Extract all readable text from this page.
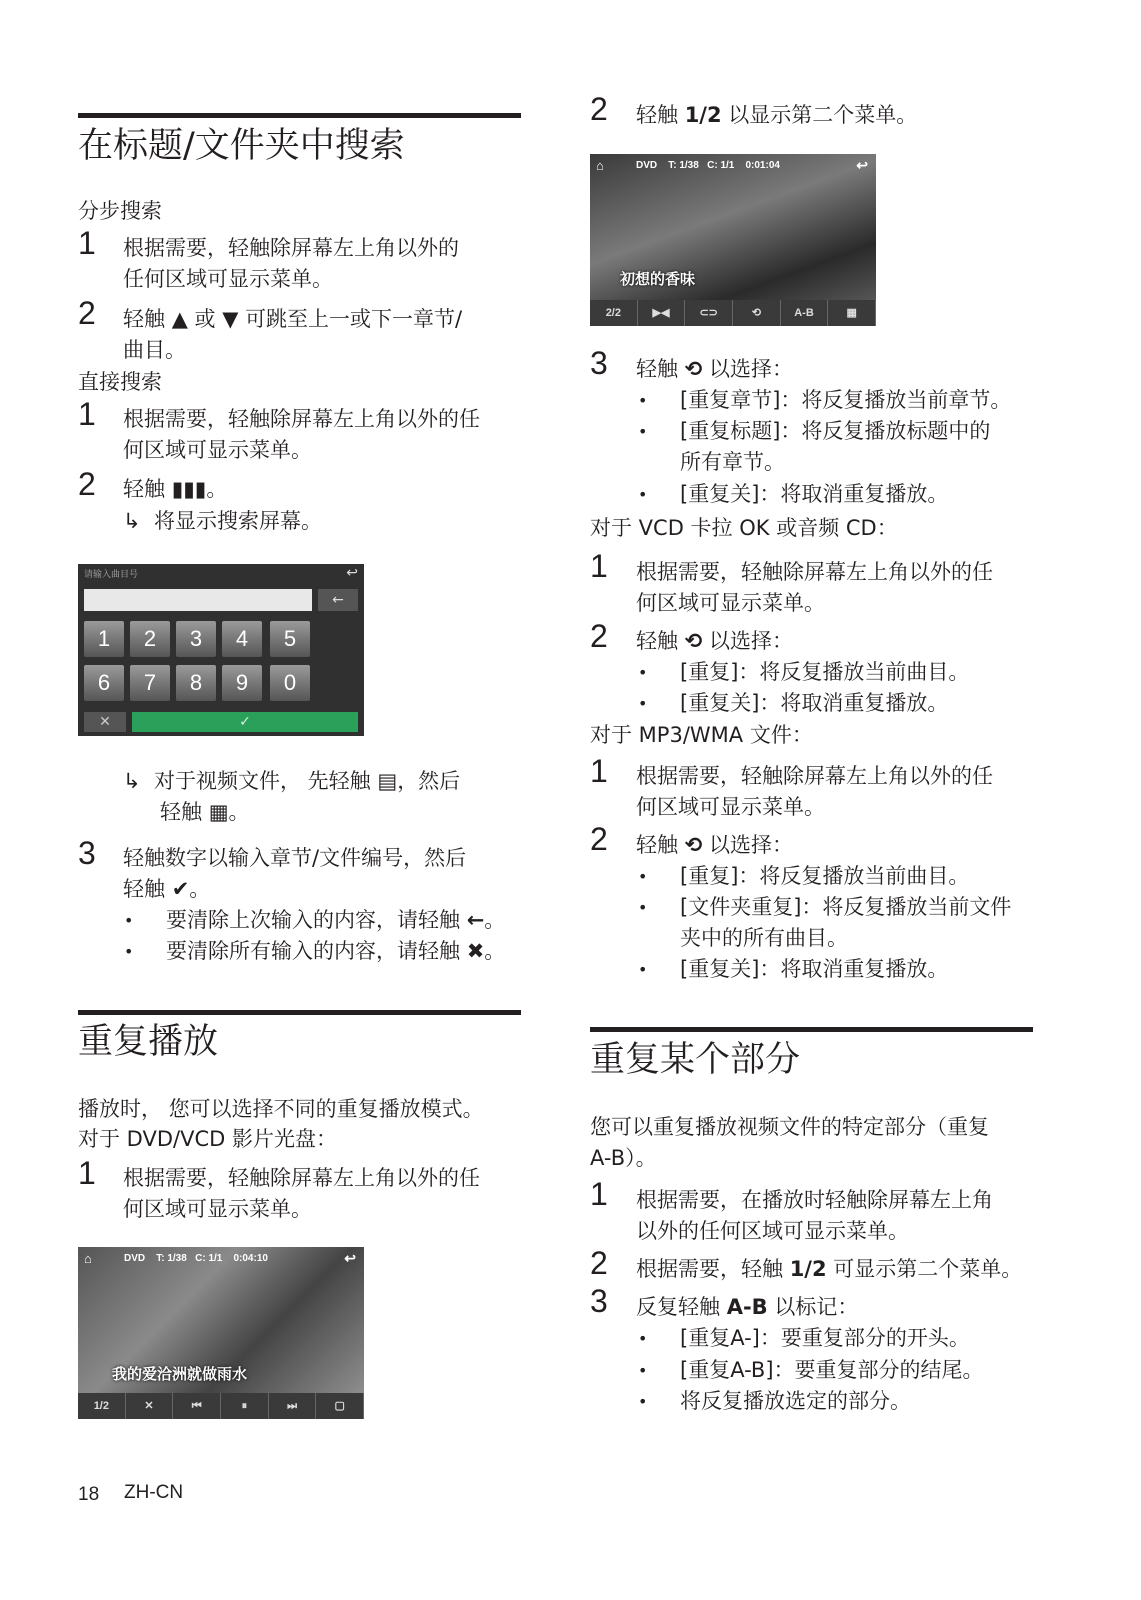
在标题/文件夹中搜索
分步搜索
1 根据需要，轻触除屏幕左上角以外的
任何区域可显示菜单。
2 轻触 ▲ 或 ▼ 可跳至上一或下一章节/
曲目。
直接搜索
1 根据需要，轻触除屏幕左上角以外的任
何区域可显示菜单。
2 轻触 ▮▮▮。
↳ 将显示搜索屏幕。
请输入曲目号	↩
←
1	2	3	4	5
6	7	8	9	0
✕	✓
↳ 对于视频文件， 先轻触 ▤，然后
轻触 ▦。
3 轻触数字以输入章节/文件编号，然后
轻触 ✔。
• 要清除上次输入的内容，请轻触 ←。
• 要清除所有输入的内容，请轻触 ✖。
重复播放
播放时， 您可以选择不同的重复播放模式。
对于 DVD/VCD 影片光盘：
1 根据需要，轻触除屏幕左上角以外的任
何区域可显示菜单。
⌂	DVD    T: 1/38   C: 1/1    0:04:10	↩
我的爱洽洲就做雨水
1/2	✕	⏮	⏸	⏭	▢
2 轻触 1/2 以显示第二个菜单。
⌂	DVD    T: 1/38   C: 1/1    0:01:04	↩
初想的香味
2/2	▶◀	⊂⊃	⟲	A-B	▦
3 轻触 ⟲ 以选择：
• [重复章节]：将反复播放当前章节。
• [重复标题]：将反复播放标题中的
所有章节。
• [重复关]：将取消重复播放。
对于 VCD 卡拉 OK 或音频 CD：
1 根据需要，轻触除屏幕左上角以外的任
何区域可显示菜单。
2 轻触 ⟲ 以选择：
• [重复]：将反复播放当前曲目。
• [重复关]：将取消重复播放。
对于 MP3/WMA 文件：
1 根据需要，轻触除屏幕左上角以外的任
何区域可显示菜单。
2 轻触 ⟲ 以选择：
• [重复]：将反复播放当前曲目。
• [文件夹重复]：将反复播放当前文件
夹中的所有曲目。
• [重复关]：将取消重复播放。
重复某个部分
您可以重复播放视频文件的特定部分（重复
A-B）。
1 根据需要，在播放时轻触除屏幕左上角
以外的任何区域可显示菜单。
2 根据需要，轻触 1/2 可显示第二个菜单。
3 反复轻触 A-B 以标记：
• [重复A-]：要重复部分的开头。
• [重复A-B]：要重复部分的结尾。
• 将反复播放选定的部分。
18 ZH-CN
